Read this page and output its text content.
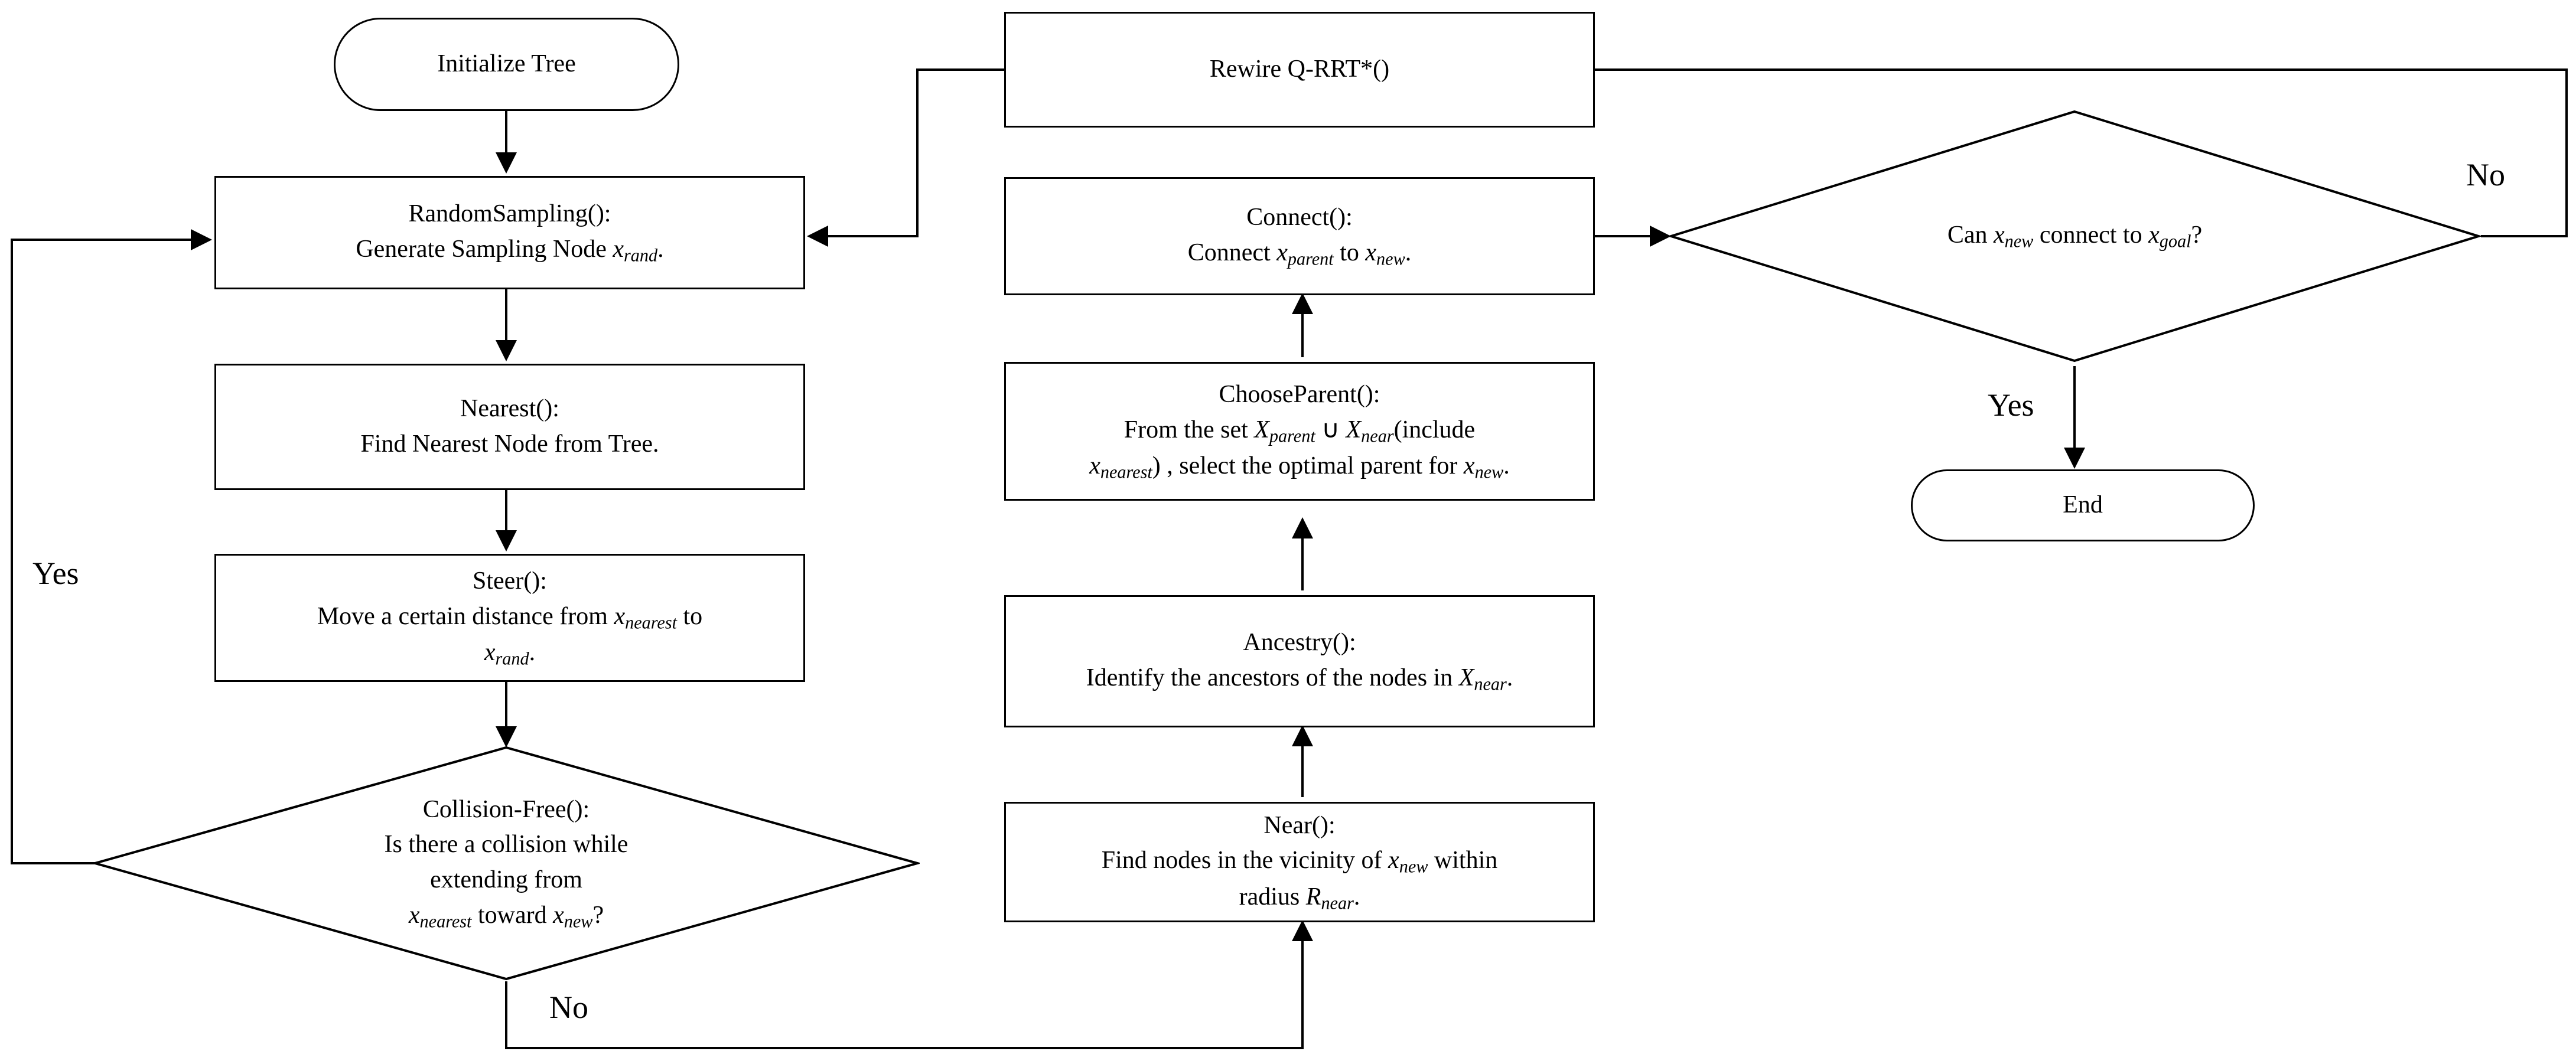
Initialize Tree
RandomSampling():
Generate Sampling Node $x_{rand}$.
Nearest():
Find Nearest Node from Tree.
Steer():
Move a certain distance from $x_{nearest}$ to
$x_{rand}$.
Collision-Free():
Is there a collision while
extending from
$x_{nearest}$ toward $x_{new}$?
Near():
Find nodes in the vicinity of $x_{new}$ within
radius $R_{near}$.
Ancestry():
Identify the ancestors of the nodes in $X_{near}$.
ChooseParent():
From the set $X_{parent}$ ∪ $X_{near}(include$
$x_{nearest}$) , select the optimal parent for $x_{new}$.
Connect():
Connect $x_{parent}$ to $x_{new}$.
Rewire Q-RRT*()
Can $x_{new}$ connect to $x_{goal}$?
End
Yes
No
No
Yes
